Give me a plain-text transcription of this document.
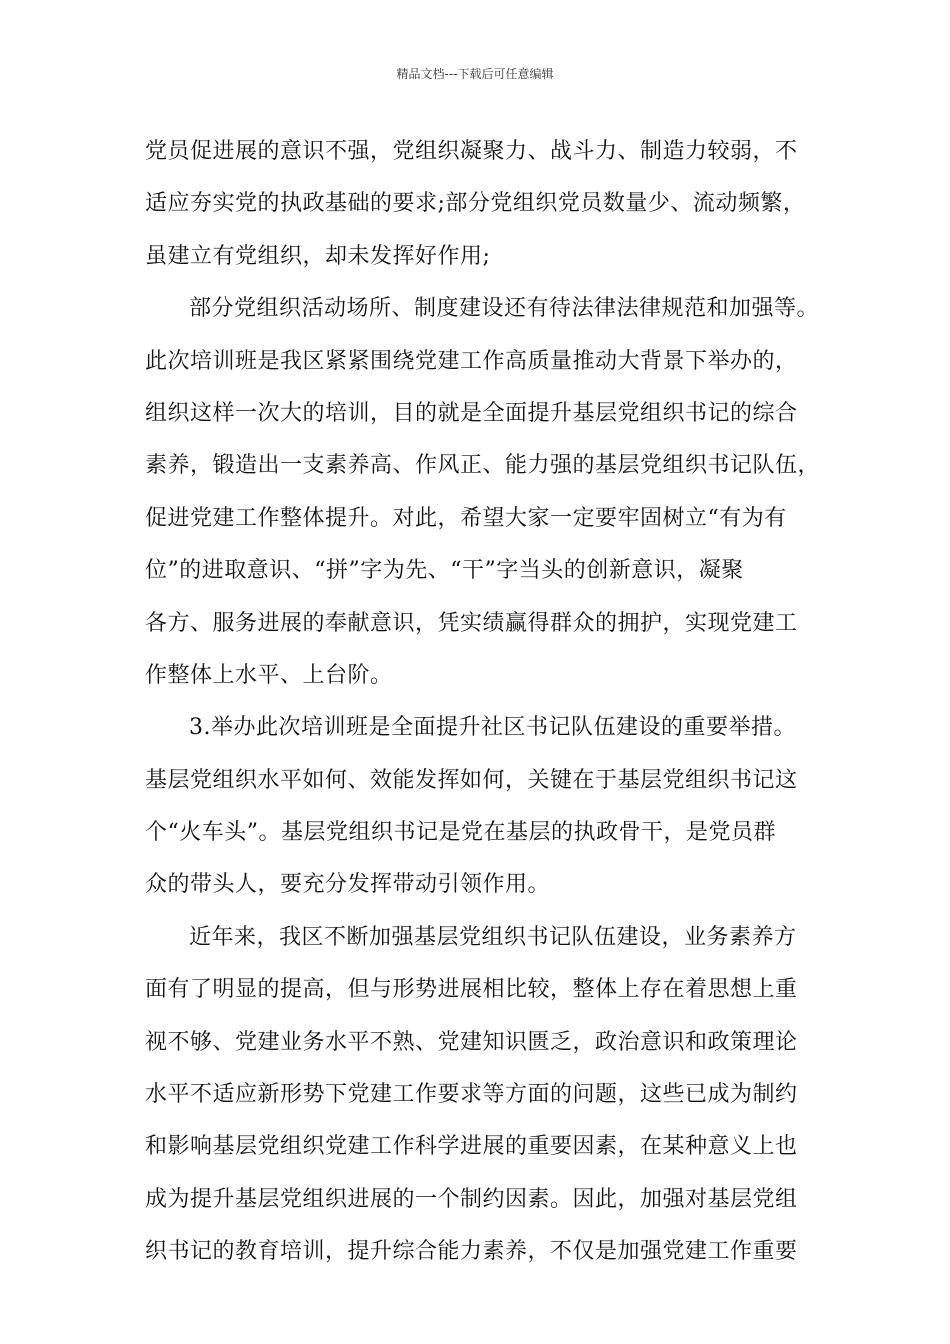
精品文档---下载后可任意编辑
党员促进展的意识不强，党组织凝聚力、战斗力、制造力较弱，不
适应夯实党的执政基础的要求;部分党组织党员数量少、流动频繁，
虽建立有党组织，却未发挥好作用;
部分党组织活动场所、制度建设还有待法律法律规范和加强等。
此次培训班是我区紧紧围绕党建工作高质量推动大背景下举办的，
组织这样一次大的培训，目的就是全面提升基层党组织书记的综合
素养，锻造出一支素养高、作风正、能力强的基层党组织书记队伍，
促进党建工作整体提升。对此，希望大家一定要牢固树立“有为有
位”的进取意识、“拼”字为先、“干”字当头的创新意识，凝聚
各方、服务进展的奉献意识，凭实绩赢得群众的拥护，实现党建工
作整体上水平、上台阶。
3.举办此次培训班是全面提升社区书记队伍建设的重要举措。
基层党组织水平如何、效能发挥如何，关键在于基层党组织书记这
个“火车头”。基层党组织书记是党在基层的执政骨干，是党员群
众的带头人，要充分发挥带动引领作用。
近年来，我区不断加强基层党组织书记队伍建设，业务素养方
面有了明显的提高，但与形势进展相比较，整体上存在着思想上重
视不够、党建业务水平不熟、党建知识匮乏，政治意识和政策理论
水平不适应新形势下党建工作要求等方面的问题，这些已成为制约
和影响基层党组织党建工作科学进展的重要因素，在某种意义上也
成为提升基层党组织进展的一个制约因素。因此，加强对基层党组
织书记的教育培训，提升综合能力素养，不仅是加强党建工作重要
